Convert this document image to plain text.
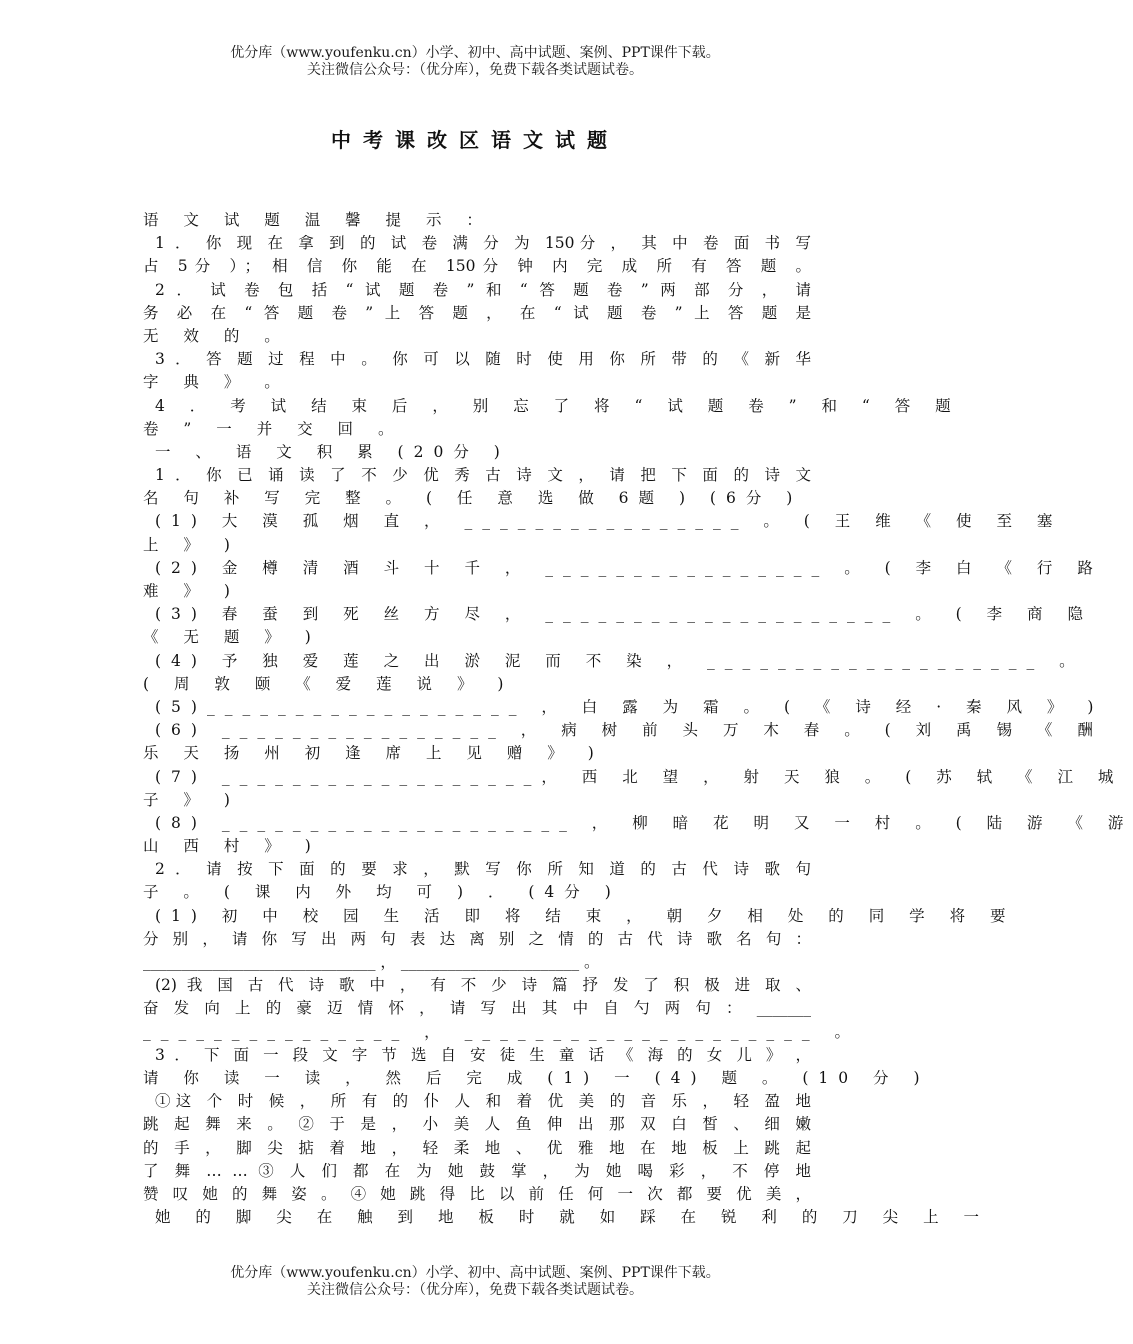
优分库（www.youfenku.cn）小学、初中、高中试题、案例、PPT课件下载。
关注微信公众号：（优分库），免费下载各类试题试卷。
中考课改区语文试题
语 文 试 题 温 馨 提 示 ：
1 ． 你 现 在 拿 到 的 试 卷 满 分 为 150分 ， 其 中 卷 面 书 写
占 5分 ）； 相 信 你 能 在 150分 钟 内 完 成 所 有 答 题 。
2 ． 试 卷 包 括 “ 试 题 卷 ” 和 “ 答 题 卷 ” 两 部 分 ， 请
务 必 在 “ 答 题 卷 ” 上 答 题 ， 在 “ 试 题 卷 ” 上 答 题 是
无 效 的 。
3 ． 答 题 过 程 中 。 你 可 以 随 时 使 用 你 所 带 的 《 新 华
字 典 》 。
4 ． 考 试 结 束 后 ， 别 忘 了 将 “ 试 题 卷 ” 和 “ 答 题
卷 ” 一 并 交 回 。
一 、 语 文 积 累 (20分 )
1 ． 你 已 诵 读 了 不 少 优 秀 古 诗 文 ， 请 把 下 面 的 诗 文
名 句 补 写 完 整 。 ( 任 意 选 做 6题 ) (6分 )
(1) 大 漠 孤 烟 直 ， ________________ 。 ( 王 维 《 使 至 塞
上 》 )
(2) 金 樽 清 酒 斗 十 千 ， ________________ 。 ( 李 白 《 行 路
难 》 )
(3) 春 蚕 到 死 丝 方 尽 ， ____________________ 。 ( 李 商 隐
《 无 题 》 )
(4) 予 独 爱 莲 之 出 淤 泥 而 不 染 ， ___________________ 。
( 周 敦 颐 《 爱 莲 说 》 )
(5)__________________ ， 白 露 为 霜 。 ( 《 诗 经 · 秦 风 》 )
(6) ________________ ， 病 树 前 头 万 木 春 。 ( 刘 禹 锡 《 酬
乐 天 扬 州 初 逢 席 上 见 赠 》 )
(7) __________________， 西 北 望 ， 射 天 狼 。 ( 苏 轼 《 江 城
子 》 )
(8) ____________________ ， 柳 暗 花 明 又 一 村 。 ( 陆 游 《 游
山 西 村 》 )
2 ． 请 按 下 面 的 要 求 ， 默 写 你 所 知 道 的 古 代 诗 歌 句
子 。 ( 课 内 外 均 可 ) ． (4分 )
(1) 初 中 校 园 生 活 即 将 结 束 ， 朝 夕 相 处 的 同 学 将 要
分 别 ， 请 你 写 出 两 句 表 达 离 别 之 情 的 古 代 诗 歌 名 句 ：
______________________________ ， _______________________ 。
(2) 我 国 古 代 诗 歌 中 ， 有 不 少 诗 篇 抒 发 了 积 极 进 取 、
奋 发 向 上 的 豪 迈 情 怀 ， 请 写 出 其 中 自 勺 两 句 ： _______
_______________ ， ____________________ 。
3 ． 下 面 一 段 文 字 节 选 自 安 徒 生 童 话 《 海 的 女 儿 》 ，
请 你 读 一 读 ， 然 后 完 成 (1) 一 (4) 题 。 (10 分 )
①这 个 时 候 ， 所 有 的 仆 人 和 着 优 美 的 音 乐 ， 轻 盈 地
跳 起 舞 来 。 ② 于 是 ， 小 美 人 鱼 伸 出 那 双 白 皙 、 细 嫩
的 手 ， 脚 尖 掂 着 地 ， 轻 柔 地 、 优 雅 地 在 地 板 上 跳 起
了 舞 … … ③ 人 们 都 在 为 她 鼓 掌 ， 为 她 喝 彩 ， 不 停 地
赞 叹 她 的 舞 姿 。 ④ 她 跳 得 比 以 前 任 何 一 次 都 要 优 美 ，
她 的 脚 尖 在 触 到 地 板 时 就 如 踩 在 锐 利 的 刀 尖 上 一
优分库（www.youfenku.cn）小学、初中、高中试题、案例、PPT课件下载。
关注微信公众号：（优分库），免费下载各类试题试卷。
